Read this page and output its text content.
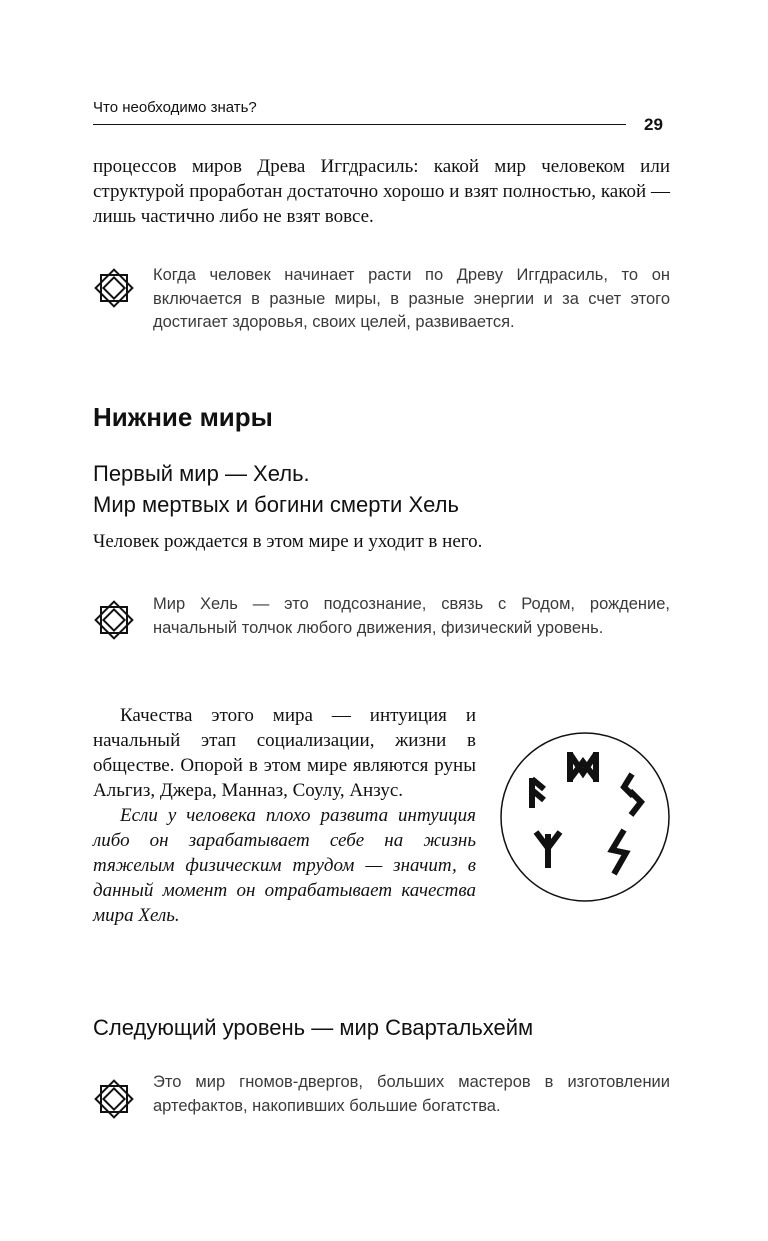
Что необходимо знать?
29
процессов миров Древа Иггдрасиль: какой мир человеком или структурой проработан достаточно хорошо и взят полностью, какой — лишь частично либо не взят вовсе.
Когда человек начинает расти по Древу Иггдрасиль, то он включается в разные миры, в разные энергии и за счет этого достигает здоровья, своих целей, развивается.
Нижние миры
Первый мир — Хель.
Мир мертвых и богини смерти Хель
Человек рождается в этом мире и уходит в него.
Мир Хель — это подсознание, связь с Родом, рождение, начальный толчок любого движения, физический уровень.

Качества этого мира — интуиция и начальный этап социализации, жизни в обществе. Опорой в этом мире являются руны Альгиз, Джера, Манназ, Соулу, Анзус.

Если у человека плохо развита интуиция либо он зарабатывает себе на жизнь тяжелым физическим трудом — значит, в данный момент он отрабатывает качества мира Хель.

Следующий уровень — мир Свартальхейм
Это мир гномов-двергов, больших мастеров в изготовлении артефактов, накопивших большие богатства.
